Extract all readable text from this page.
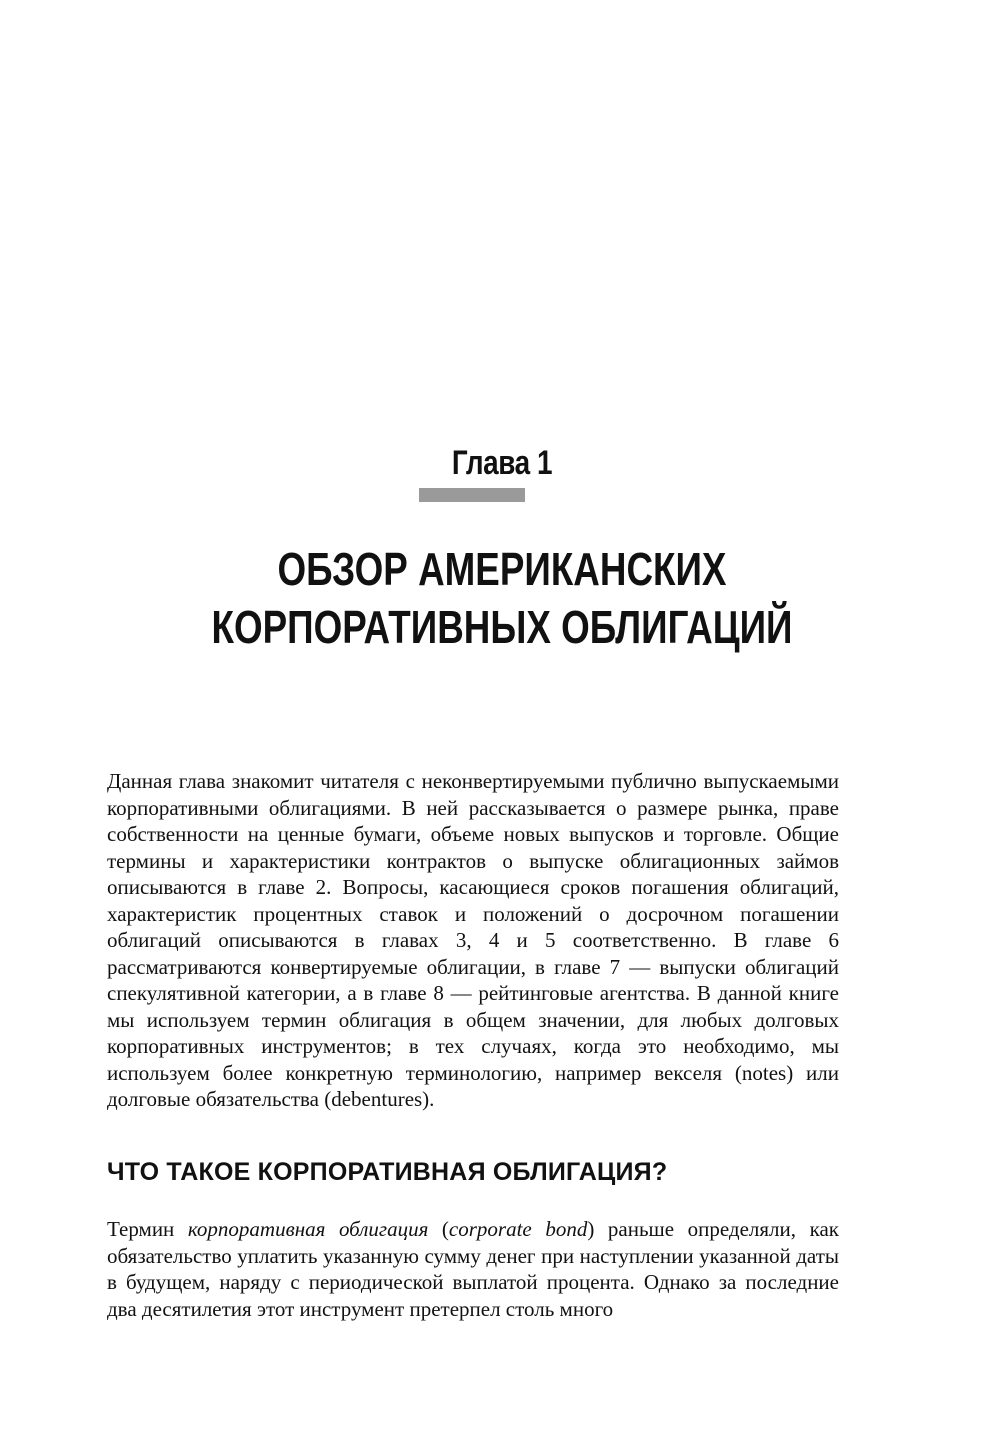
Глава 1
ОБЗОР АМЕРИКАНСКИХ
КОРПОРАТИВНЫХ ОБЛИГАЦИЙ

Данная глава знакомит читателя с неконвертируемыми публично выпускаемыми корпоративными облигациями. В ней рассказывается о размере рынка, праве собственности на ценные бумаги, объеме новых выпусков и торговле. Общие термины и характеристики контрактов о выпуске облигационных займов описываются в главе 2. Вопросы, касающиеся сроков погашения облигаций, характеристик процентных ставок и положений о досрочном погашении облигаций описываются в главах 3, 4 и 5 соответственно. В главе 6 рассматриваются конвертируемые облигации, в главе 7 — выпуски облигаций спекулятивной категории, а в главе 8 — рейтинговые агентства. В данной книге мы используем термин облигация в общем значении, для любых долговых корпоративных инструментов; в тех случаях, когда это необходимо, мы используем более конкретную терминологию, например векселя (notes) или долговые обязательства (debentures).

ЧТО ТАКОЕ КОРПОРАТИВНАЯ ОБЛИГАЦИЯ?

Термин корпоративная облигация (corporate bond) раньше определяли, как обязательство уплатить указанную сумму денег при наступлении указанной даты в будущем, наряду с периодической выплатой процента. Однако за последние два десятилетия этот инструмент претерпел столь много
